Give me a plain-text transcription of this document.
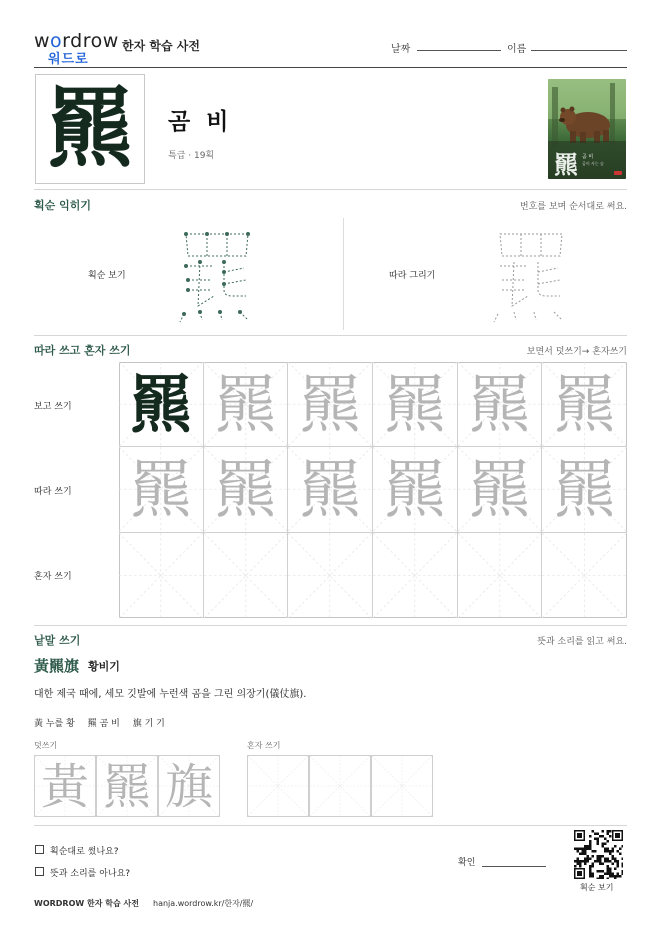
wordrow
워드로
한자 학습 사전	날짜	이름
羆	곰 비
특급 · 19획	羆 곰 비
곰이 사는 숲
획순 익히기	번호를 보며 순서대로 써요.
획순 보기	따라 그리기
따라 쓰고 혼자 쓰기	보면서 덧쓰기→ 혼자쓰기
보고 쓰기
따라 쓰기
혼자 쓰기
羆 羆 羆 羆 羆 羆
羆 羆 羆 羆 羆 羆
낱말 쓰기	뜻과 소리를 읽고 써요.
黃羆旗 황비기
대한 제국 때에, 세모 깃발에 누런색 곰을 그린 의장기(儀仗旗).
黃 누를 황 羆 곰 비 旗 기 기
덧쓰기	혼자 쓰기
黃 羆 旗
획순대로 썼나요?
뜻과 소리를 아나요?
확인
획순 보기
WORDROW 한자 학습 사전 hanja.wordrow.kr/한자/羆/
